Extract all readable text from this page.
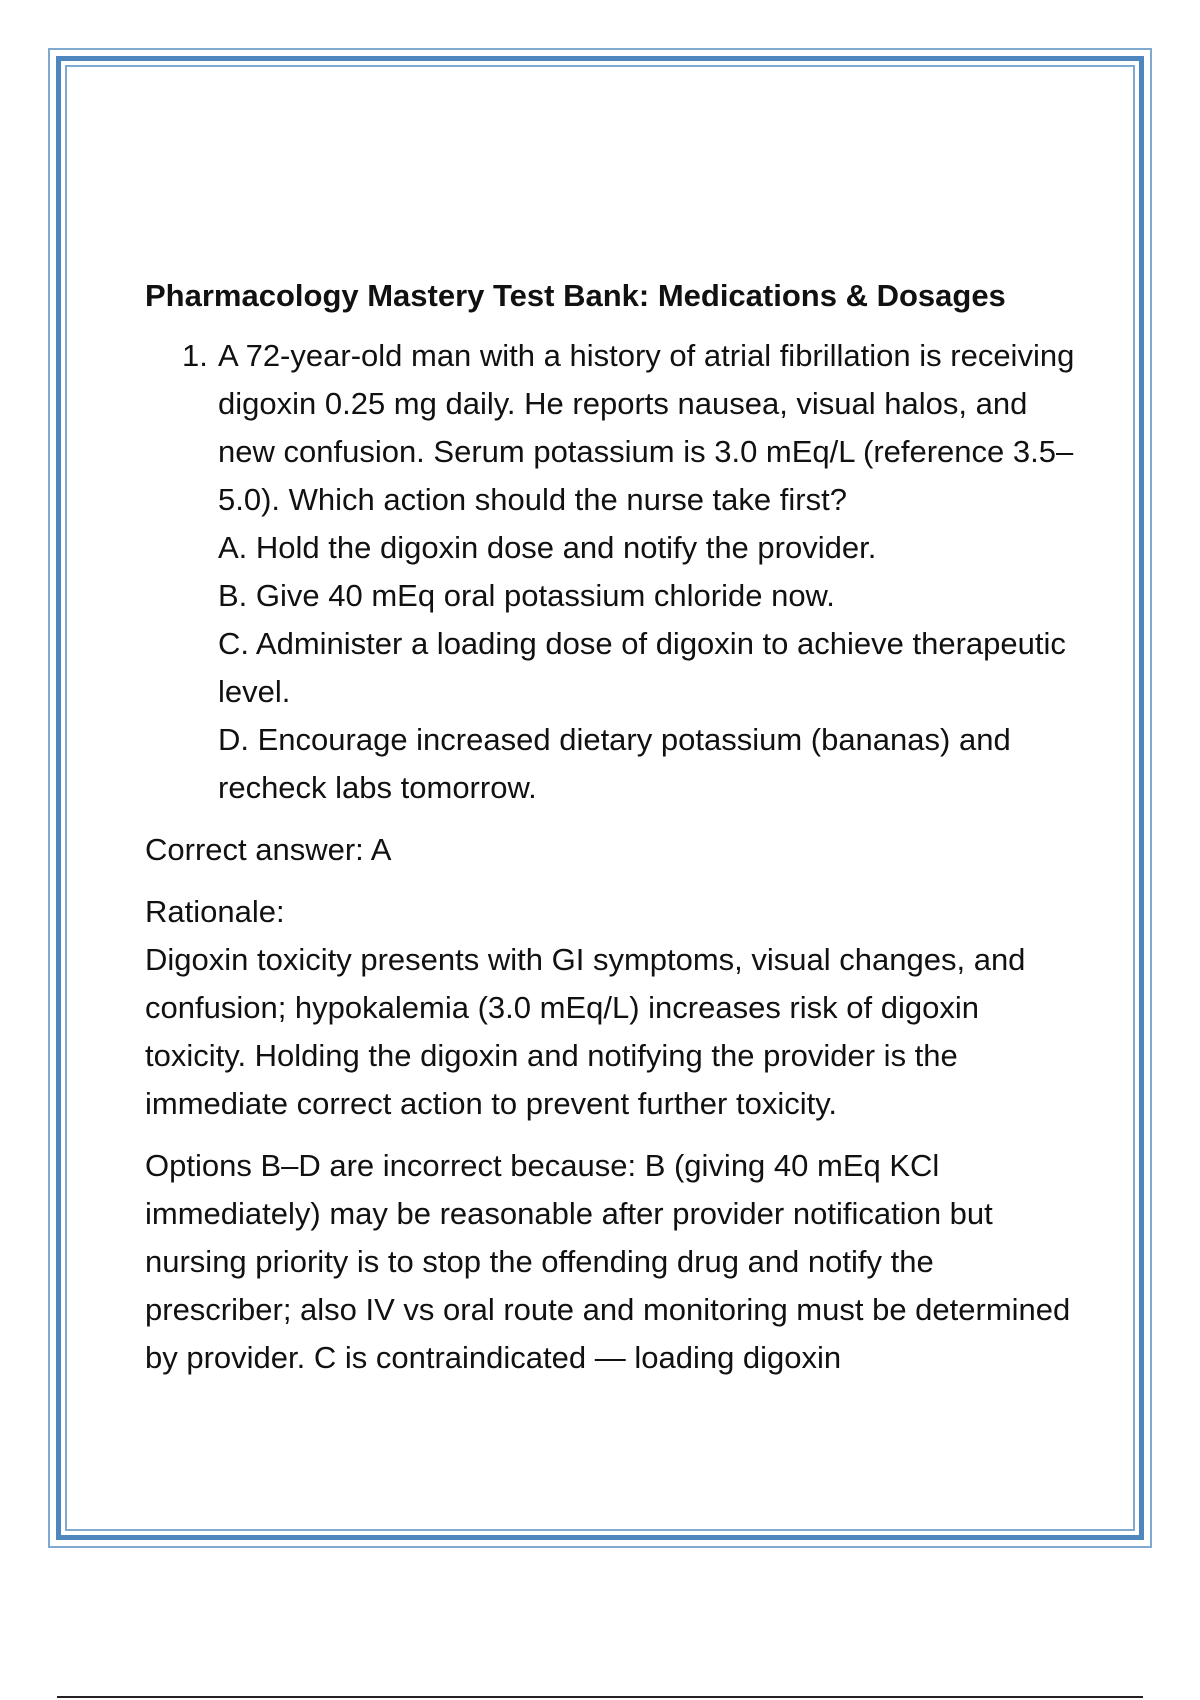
Pharmacology Mastery Test Bank: Medications & Dosages
1. A 72-year-old man with a history of atrial fibrillation is receiving digoxin 0.25 mg daily. He reports nausea, visual halos, and new confusion. Serum potassium is 3.0 mEq/L (reference 3.5–5.0). Which action should the nurse take first?
A. Hold the digoxin dose and notify the provider.
B. Give 40 mEq oral potassium chloride now.
C. Administer a loading dose of digoxin to achieve therapeutic level.
D. Encourage increased dietary potassium (bananas) and recheck labs tomorrow.
Correct answer: A
Rationale:
Digoxin toxicity presents with GI symptoms, visual changes, and confusion; hypokalemia (3.0 mEq/L) increases risk of digoxin toxicity. Holding the digoxin and notifying the provider is the immediate correct action to prevent further toxicity.
Options B–D are incorrect because: B (giving 40 mEq KCl immediately) may be reasonable after provider notification but nursing priority is to stop the offending drug and notify the prescriber; also IV vs oral route and monitoring must be determined by provider. C is contraindicated — loading digoxin
